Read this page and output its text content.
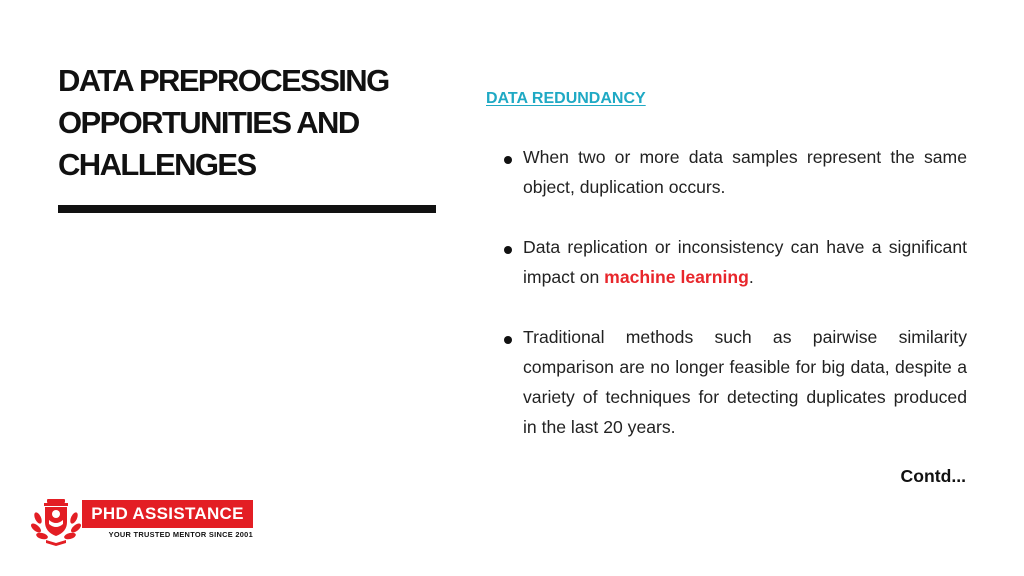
DATA PREPROCESSING
OPPORTUNITIES AND
CHALLENGES
DATA REDUNDANCY
When two or more data samples represent the same object, duplication occurs.
Data replication or inconsistency can have a significant impact on machine learning.
Traditional methods such as pairwise similarity comparison are no longer feasible for big data, despite a variety of techniques for detecting duplicates produced in the last 20 years.
Contd...
PHD ASSISTANCE
YOUR TRUSTED MENTOR SINCE 2001
